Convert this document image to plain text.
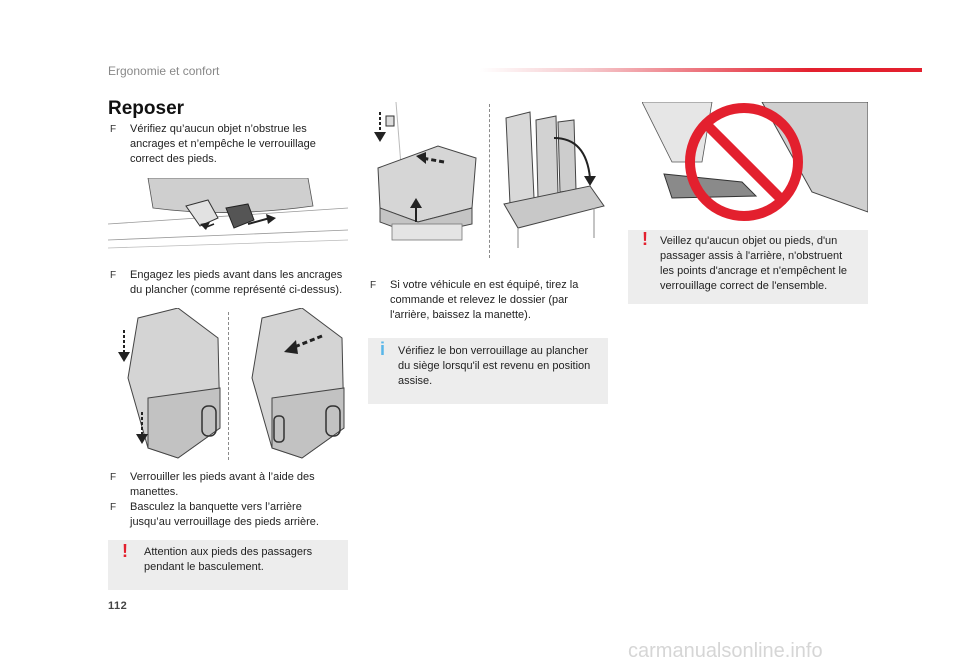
Ergonomie et confort
Reposer
F	Vérifiez qu’aucun objet n’obstrue les ancrages et n’empêche le verrouillage correct des pieds.
F	Engagez les pieds avant dans les ancrages du plancher (comme représenté ci-dessus).
F	Verrouiller les pieds avant à l’aide des manettes.
F	Basculez la banquette vers l’arrière jusqu’au verrouillage des pieds arrière.
!	Attention aux pieds des passagers pendant le basculement.
F	Si votre véhicule en est équipé, tirez la commande et relevez le dossier (par l'arrière, baissez la manette).
i	Vérifiez le bon verrouillage au plancher du siège lorsqu'il est revenu en position assise.
!	Veillez qu'aucun objet ou pieds, d'un passager assis à l'arrière, n'obstruent les points d'ancrage et n'empêchent le verrouillage correct de l'ensemble.
112
carmanualsonline.info
